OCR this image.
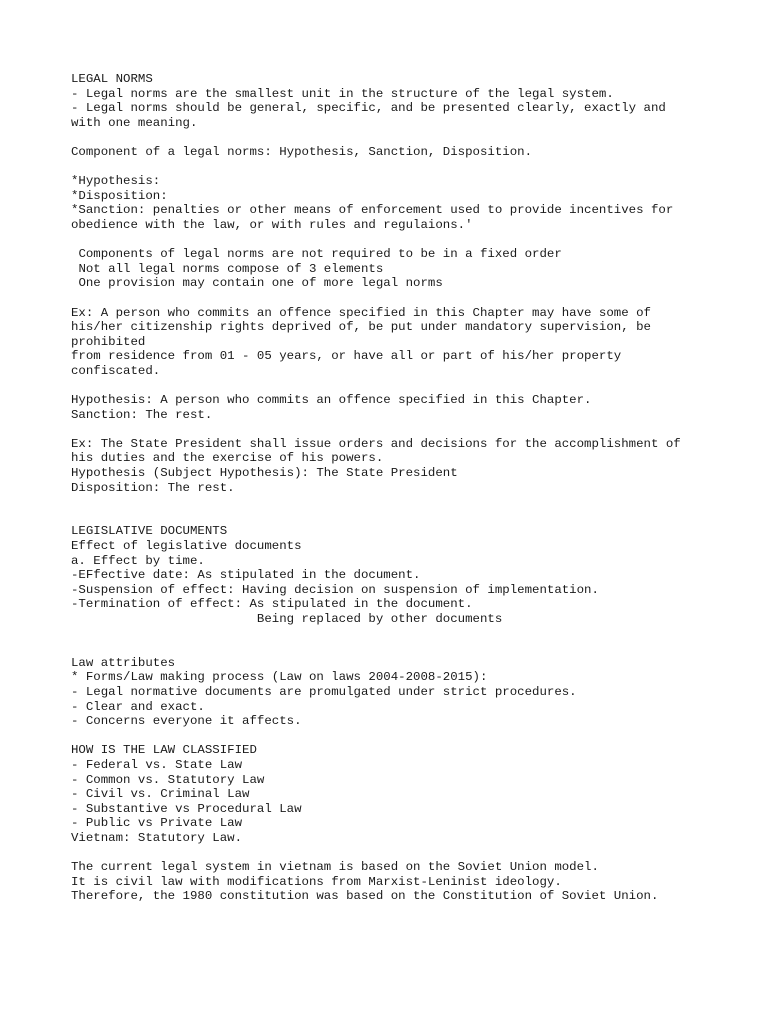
LEGAL NORMS
- Legal norms are the smallest unit in the structure of the legal system.
- Legal norms should be general, specific, and be presented clearly, exactly and
with one meaning.
Component of a legal norms: Hypothesis, Sanction, Disposition.
*Hypothesis:
*Disposition:
*Sanction: penalties or other means of enforcement used to provide incentives for
obedience with the law, or with rules and regulaions.'
Components of legal norms are not required to be in a fixed order
Not all legal norms compose of 3 elements
One provision may contain one of more legal norms
Ex: A person who commits an offence specified in this Chapter may have some of
his/her citizenship rights deprived of, be put under mandatory supervision, be
prohibited
from residence from 01 - 05 years, or have all or part of his/her property
confiscated.
Hypothesis: A person who commits an offence specified in this Chapter.
Sanction: The rest.
Ex: The State President shall issue orders and decisions for the accomplishment of
his duties and the exercise of his powers.
Hypothesis (Subject Hypothesis): The State President
Disposition: The rest.
LEGISLATIVE DOCUMENTS
Effect of legislative documents
a. Effect by time.
-EFfective date: As stipulated in the document.
-Suspension of effect: Having decision on suspension of implementation.
-Termination of effect: As stipulated in the document.
Being replaced by other documents
Law attributes
* Forms/Law making process (Law on laws 2004-2008-2015):
- Legal normative documents are promulgated under strict procedures.
- Clear and exact.
- Concerns everyone it affects.
HOW IS THE LAW CLASSIFIED
- Federal vs. State Law
- Common vs. Statutory Law
- Civil vs. Criminal Law
- Substantive vs Procedural Law
- Public vs Private Law
Vietnam: Statutory Law.
The current legal system in vietnam is based on the Soviet Union model.
It is civil law with modifications from Marxist-Leninist ideology.
Therefore, the 1980 constitution was based on the Constitution of Soviet Union.
